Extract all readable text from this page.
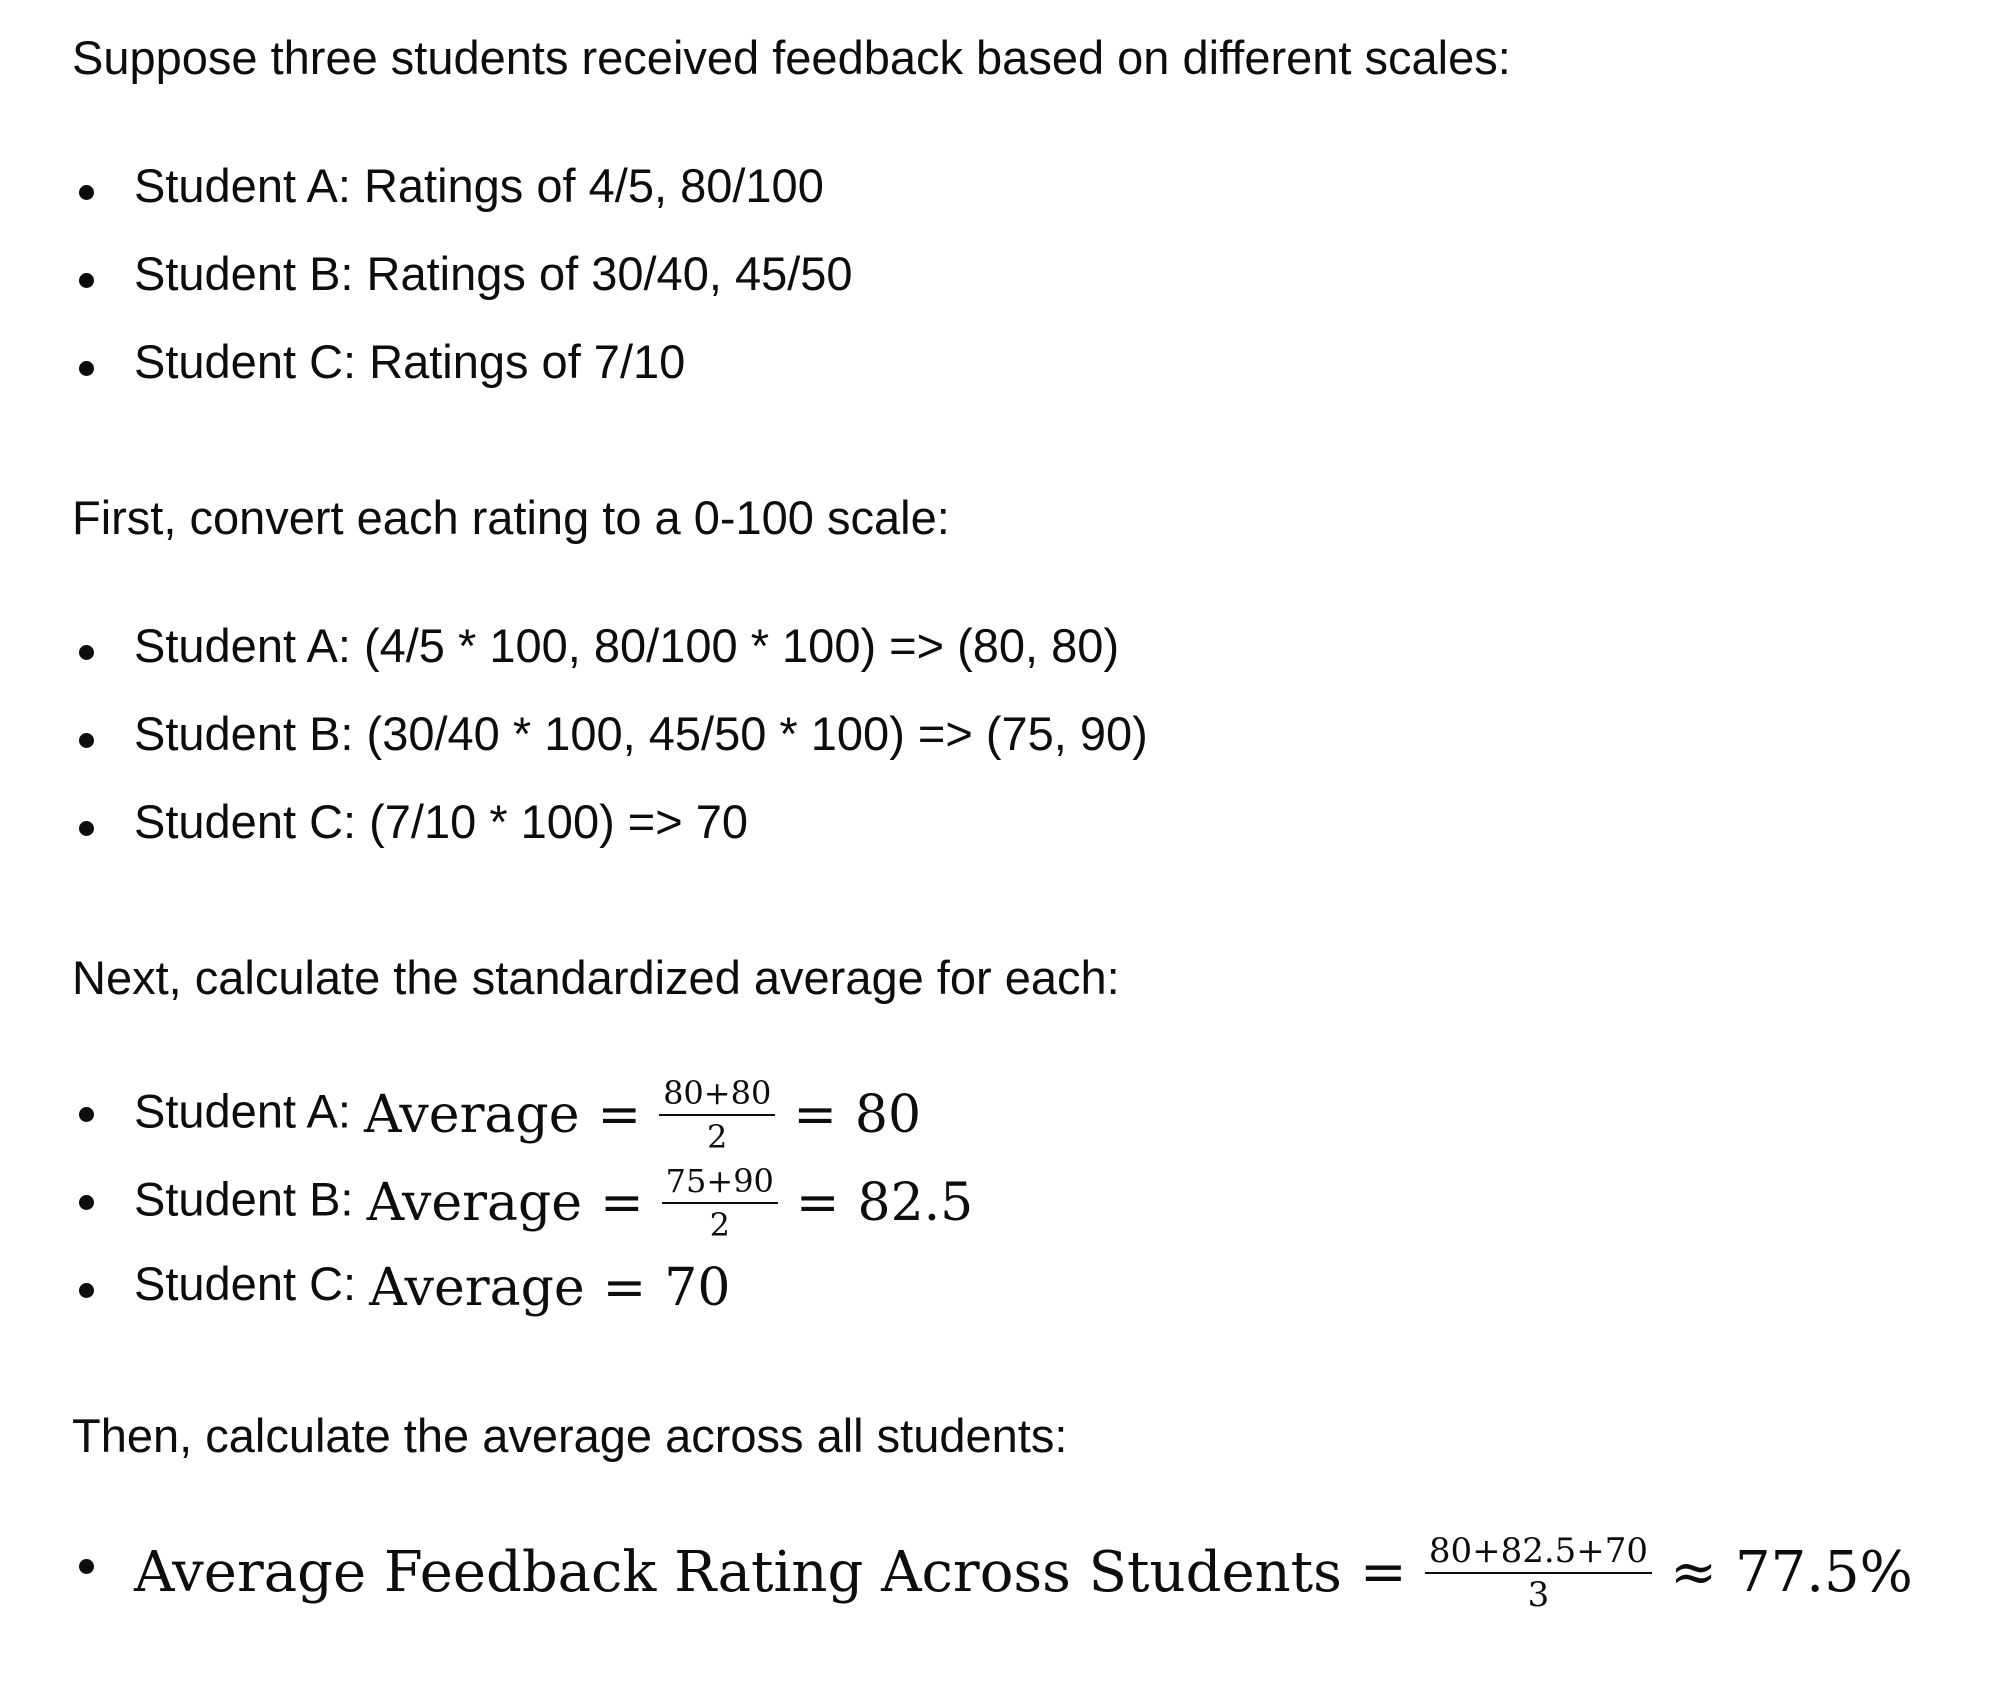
Suppose three students received feedback based on different scales:

Student A: Ratings of 4/5, 80/100
Student B: Ratings of 30/40, 45/50
Student C: Ratings of 7/10

First, convert each rating to a 0-100 scale:

Student A: (4/5 * 100, 80/100 * 100) => (80, 80)
Student B: (30/40 * 100, 45/50 * 100) => (75, 90)
Student C: (7/10 * 100) => 70

Next, calculate the standardized average for each:

Student A: Average = $\frac{80+80}{2} = 80$
Student B: Average = $\frac{75+90}{2} = 82.5$
Student C: Average = 70

Then, calculate the average across all students:

Average Feedback Rating Across Students = $\frac{80+82.5+70}{3} \approx 77.5\%$
